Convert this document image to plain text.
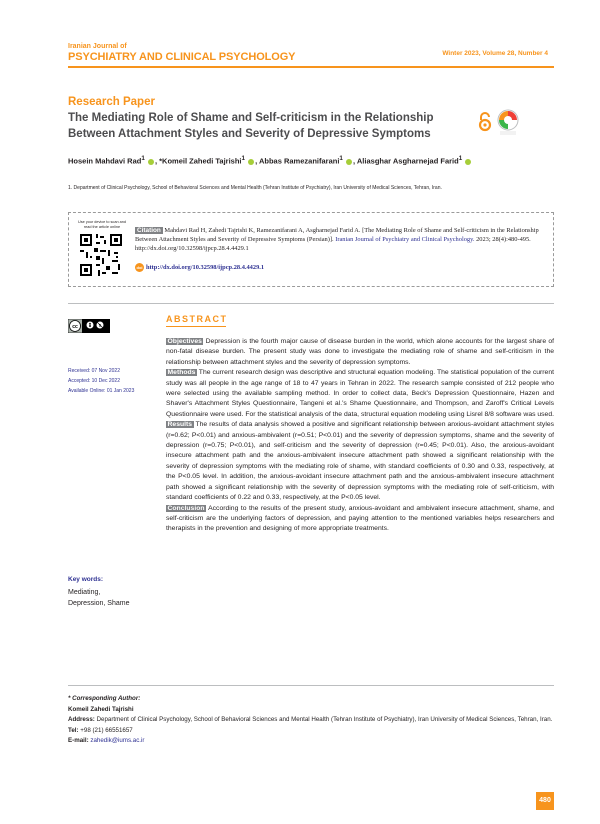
Iranian Journal of
PSYCHIATRY AND CLINICAL PSYCHOLOGY	Winter 2023, Volume 28, Number 4
Research Paper
The Mediating Role of Shame and Self-criticism in the Relationship Between Attachment Styles and Severity of Depressive Symptoms
Hosein Mahdavi Rad$^1$ , *Komeil Zahedi Tajrishi$^1$ , Abbas Ramezanifarani$^1$ , Aliasghar Asgharnejad Farid$^1$
1. Department of Clinical Psychology, School of Behavioral Sciences and Mental Health (Tehran Institute of Psychiatry), Iran University of Medical Sciences, Tehran, Iran.
Use your device to scan and read the article online	Citation Mahdavi Rad H, Zahedi Tajrishi K, Ramezanifarani A, Asgharnejad Farid A. [The Mediating Role of Shame and Self-criticism in the Relationship Between Attachment Styles and Severity of Depressive Symptoms (Persian)]. Iranian Journal of Psychiatry and Clinical Psychology. 2023; 28(4):480-495. http://dx.doi.org/10.32598/ijpcp.28.4.4429.1
doi http://dx.doi.org/10.32598/ijpcp.28.4.4429.1
cc
ABSTRACT
Received: 07 Nov 2022
Accepted: 10 Dec 2022
Available Online: 01 Jan 2023
Key words:
Mediating,
Depression, Shame

Objectives Depression is the fourth major cause of disease burden in the world, which alone accounts for the largest share of non-fatal disease burden. The present study was done to investigate the mediating role of shame and self-criticism in the relationship between attachment styles and the severity of depression symptoms.

Methods The current research design was descriptive and structural equation modeling. The statistical population of the current study was all people in the age range of 18 to 47 years in Tehran in 2022. The research sample consisted of 212 people who were selected using the available sampling method. In order to collect data, Beck's Depression Questionnaire, Hazen and Shaver's Attachment Styles Questionnaire, Tangeni et al.'s Shame Questionnaire, and Thompson, and Zaroff's Critical Levels Questionnaire were used. For the statistical analysis of the data, structural equation modeling using Lisrel 8/8 software was used.

Results The results of data analysis showed a positive and significant relationship between anxious-avoidant attachment styles (r=0.62; P<0.01) and anxious-ambivalent (r=0.51; P<0.01) and the severity of depression symptoms, shame and the severity of depression (r=0.75; P<0.01), and self-criticism and the severity of depression (r=0.45; P<0.01). Also, the anxious-avoidant insecure attachment path and the anxious-ambivalent insecure attachment path showed a significant relationship with the severity of depression symptoms with the mediating role of shame, with standard coefficients of 0.30 and 0.33, respectively, at the P<0.05 level. In addition, the anxious-avoidant insecure attachment path and the anxious-ambivalent insecure attachment path showed a significant relationship with the severity of depression symptoms with the mediating role of self-criticism, with standard coefficients of 0.22 and 0.33, respectively, at the P<0.05 level.

Conclusion According to the results of the present study, anxious-avoidant and ambivalent insecure attachment, shame, and self-criticism are the underlying factors of depression, and paying attention to the mentioned variables helps researchers and therapists in the prevention and designing of more appropriate treatments.

* Corresponding Author:
Komeil Zahedi Tajrishi
Address: Department of Clinical Psychology, School of Behavioral Sciences and Mental Health (Tehran Institute of Psychiatry), Iran University of Medical Sciences, Tehran, Iran.
Tel: +98 (21) 66551657
E-mail: zahedik@iums.ac.ir
480
